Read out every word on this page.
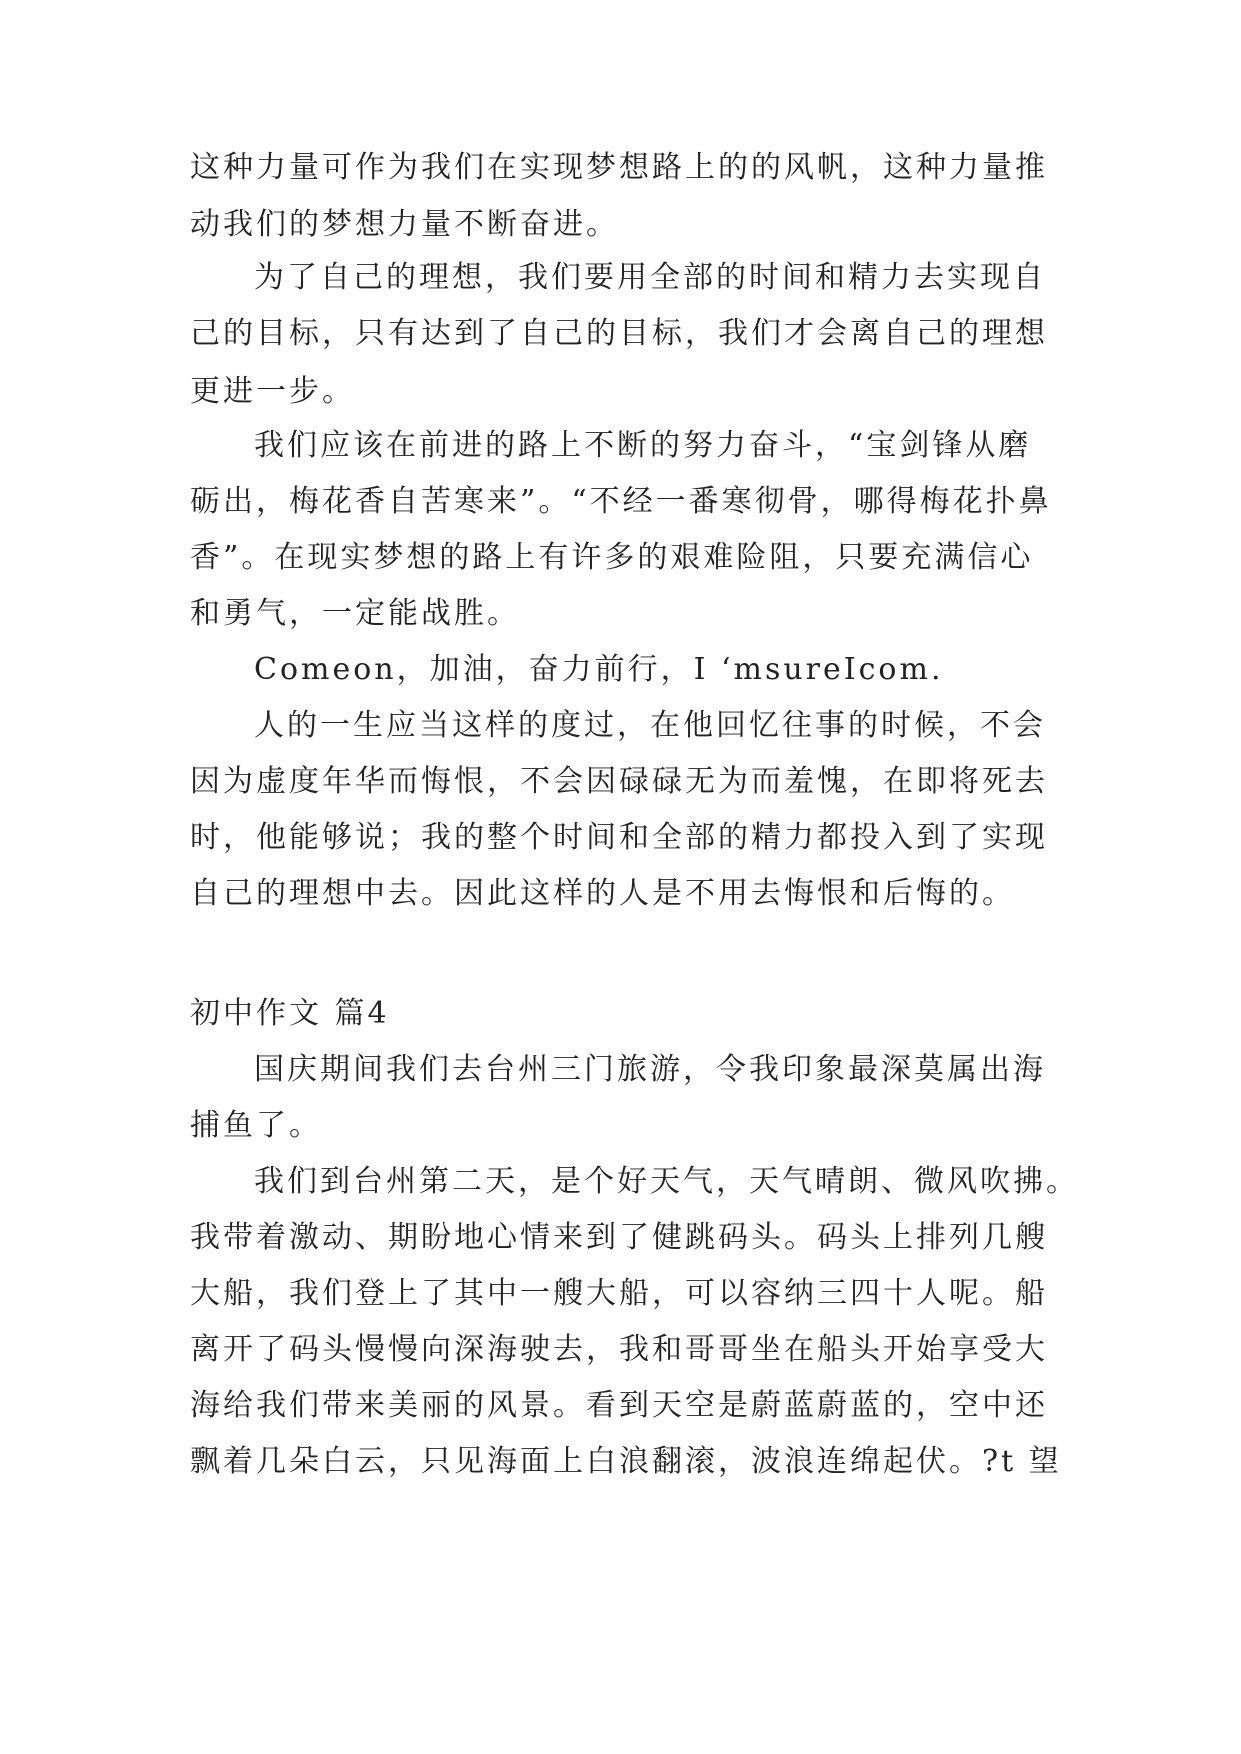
这种力量可作为我们在实现梦想路上的的风帆，这种力量推
动我们的梦想力量不断奋进。
为了自己的理想，我们要用全部的时间和精力去实现自
己的目标，只有达到了自己的目标，我们才会离自己的理想
更进一步。
我们应该在前进的路上不断的努力奋斗，“宝剑锋从磨
砺出，梅花香自苦寒来”。“不经一番寒彻骨，哪得梅花扑鼻
香”。在现实梦想的路上有许多的艰难险阻，只要充满信心
和勇气，一定能战胜。
Comeon，加油，奋力前行，I ‘msureIcom.
人的一生应当这样的度过，在他回忆往事的时候，不会
因为虚度年华而悔恨，不会因碌碌无为而羞愧，在即将死去
时，他能够说；我的整个时间和全部的精力都投入到了实现
自己的理想中去。因此这样的人是不用去悔恨和后悔的。
初中作文 篇4
国庆期间我们去台州三门旅游，令我印象最深莫属出海
捕鱼了。
我们到台州第二天，是个好天气，天气晴朗、微风吹拂。
我带着激动、期盼地心情来到了健跳码头。码头上排列几艘
大船，我们登上了其中一艘大船，可以容纳三四十人呢。船
离开了码头慢慢向深海驶去，我和哥哥坐在船头开始享受大
海给我们带来美丽的风景。看到天空是蔚蓝蔚蓝的，空中还
飘着几朵白云，只见海面上白浪翻滚，波浪连绵起伏。?t 望
